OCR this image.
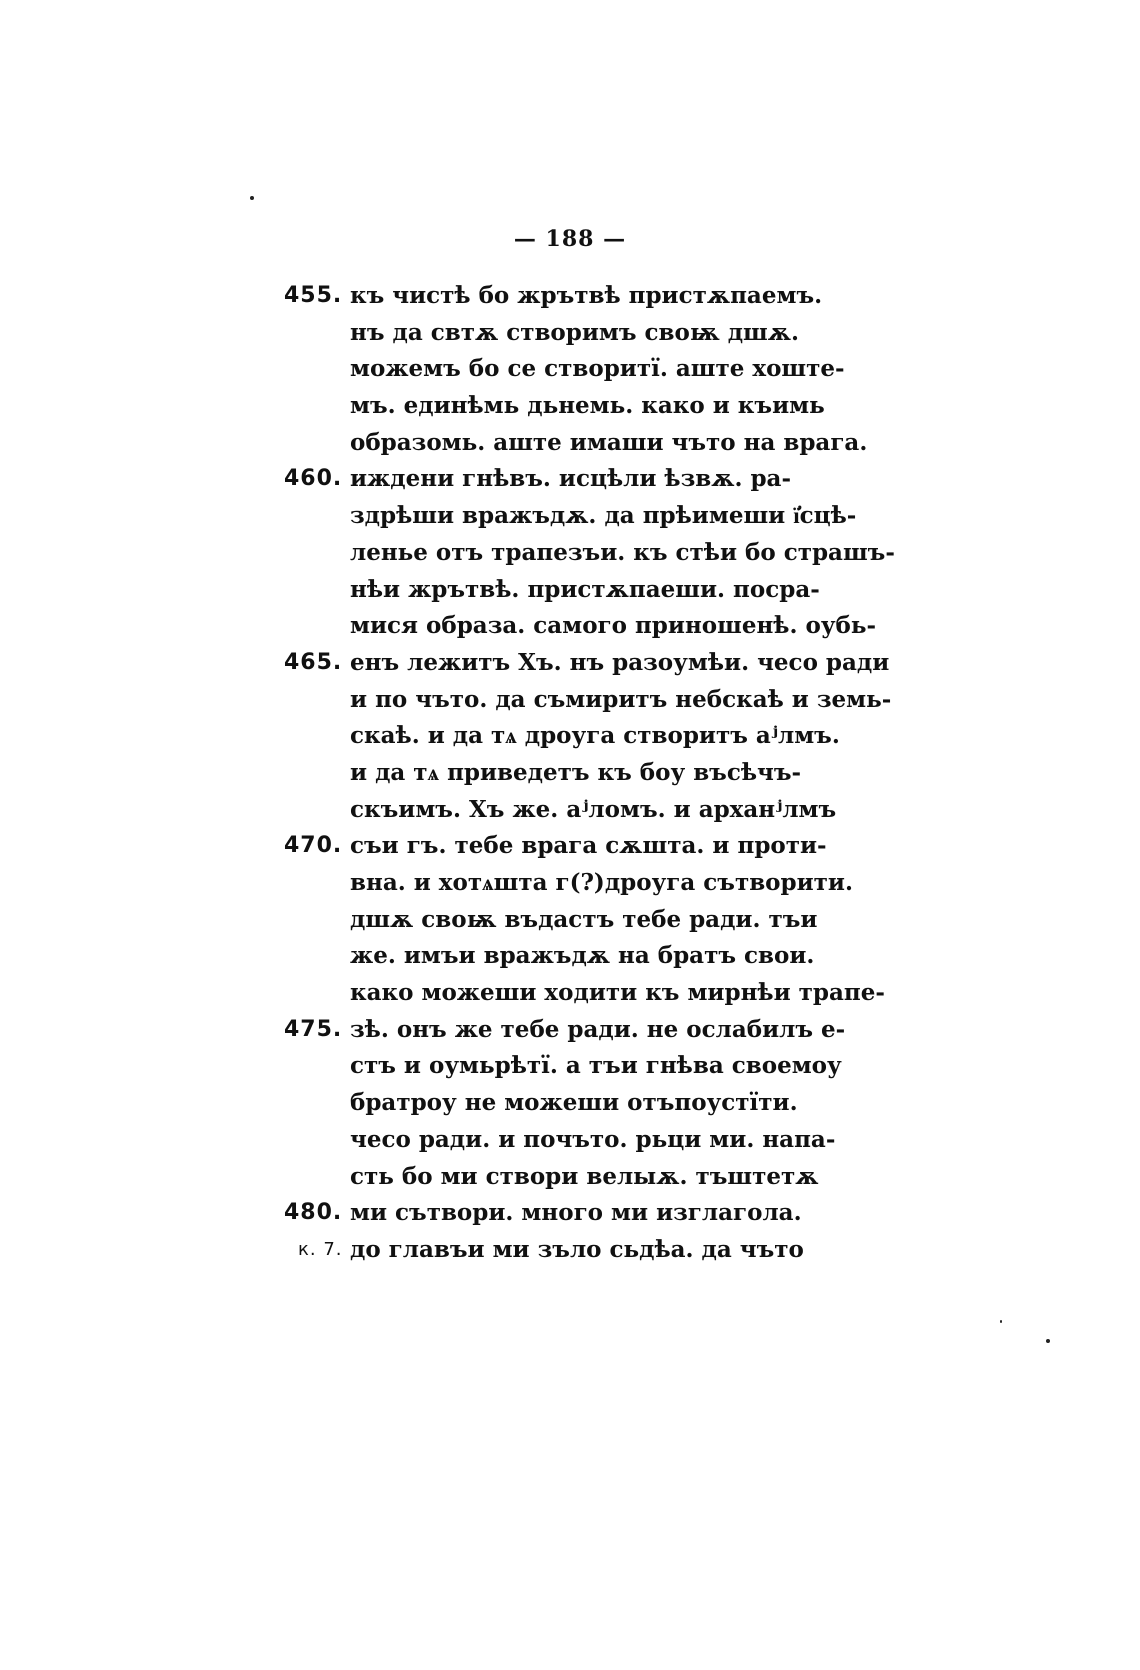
— 188 —
455. къ чистѣ бо жрътвѣ пристѫпаемъ.
нъ да свтѫ створимъ своѭ дшѫ.
можемъ бо се створитї. аште хоште-
мъ. единѣмь дьнемь. како и къимь
образомь. аште имаши чъто на врага.
460. иждени гнѣвъ. исцѣли ѣзвѫ. ра-
здрѣши вражъдѫ. да прѣимеши ї҆сцѣ-
ленье отъ трапезъи. къ стѣи бо страшъ-
нѣи жрътвѣ. пристѫпаеши. посра-
мися образа. самого приношенѣ. оубь-
465. енъ лежитъ Хъ. нъ разоумѣи. чесо ради
и по чъто. да съмиритъ небскаѣ и земь-
скаѣ. и да тѧ дроуга створитъ аʲлмъ.
и да тѧ приведетъ къ боу въсѣчъ-
скъимъ. Хъ же. аʲломъ. и арханʲлмъ
470. съи гъ. тебе врага сѫшта. и проти-
вна. и хотѧшта г(?)дроуга сътворити.
дшѫ своѭ въдастъ тебе ради. тъи
же. имъи вражъдѫ на братъ свои.
како можеши ходити къ мирнѣи трапе-
475. зѣ. онъ же тебе ради. не ослабилъ е-
стъ и оумьрѣтї. а тъи гнѣва своемоу
братроу не можеши отъпоустїти.
чесо ради. и почъто. рьци ми. напа-
сть бо ми створи велыѫ. тъштетѫ
480. ми сътвори. много ми изглагола.
к. 7. до главъи ми зъло сьдѣа. да чъто
